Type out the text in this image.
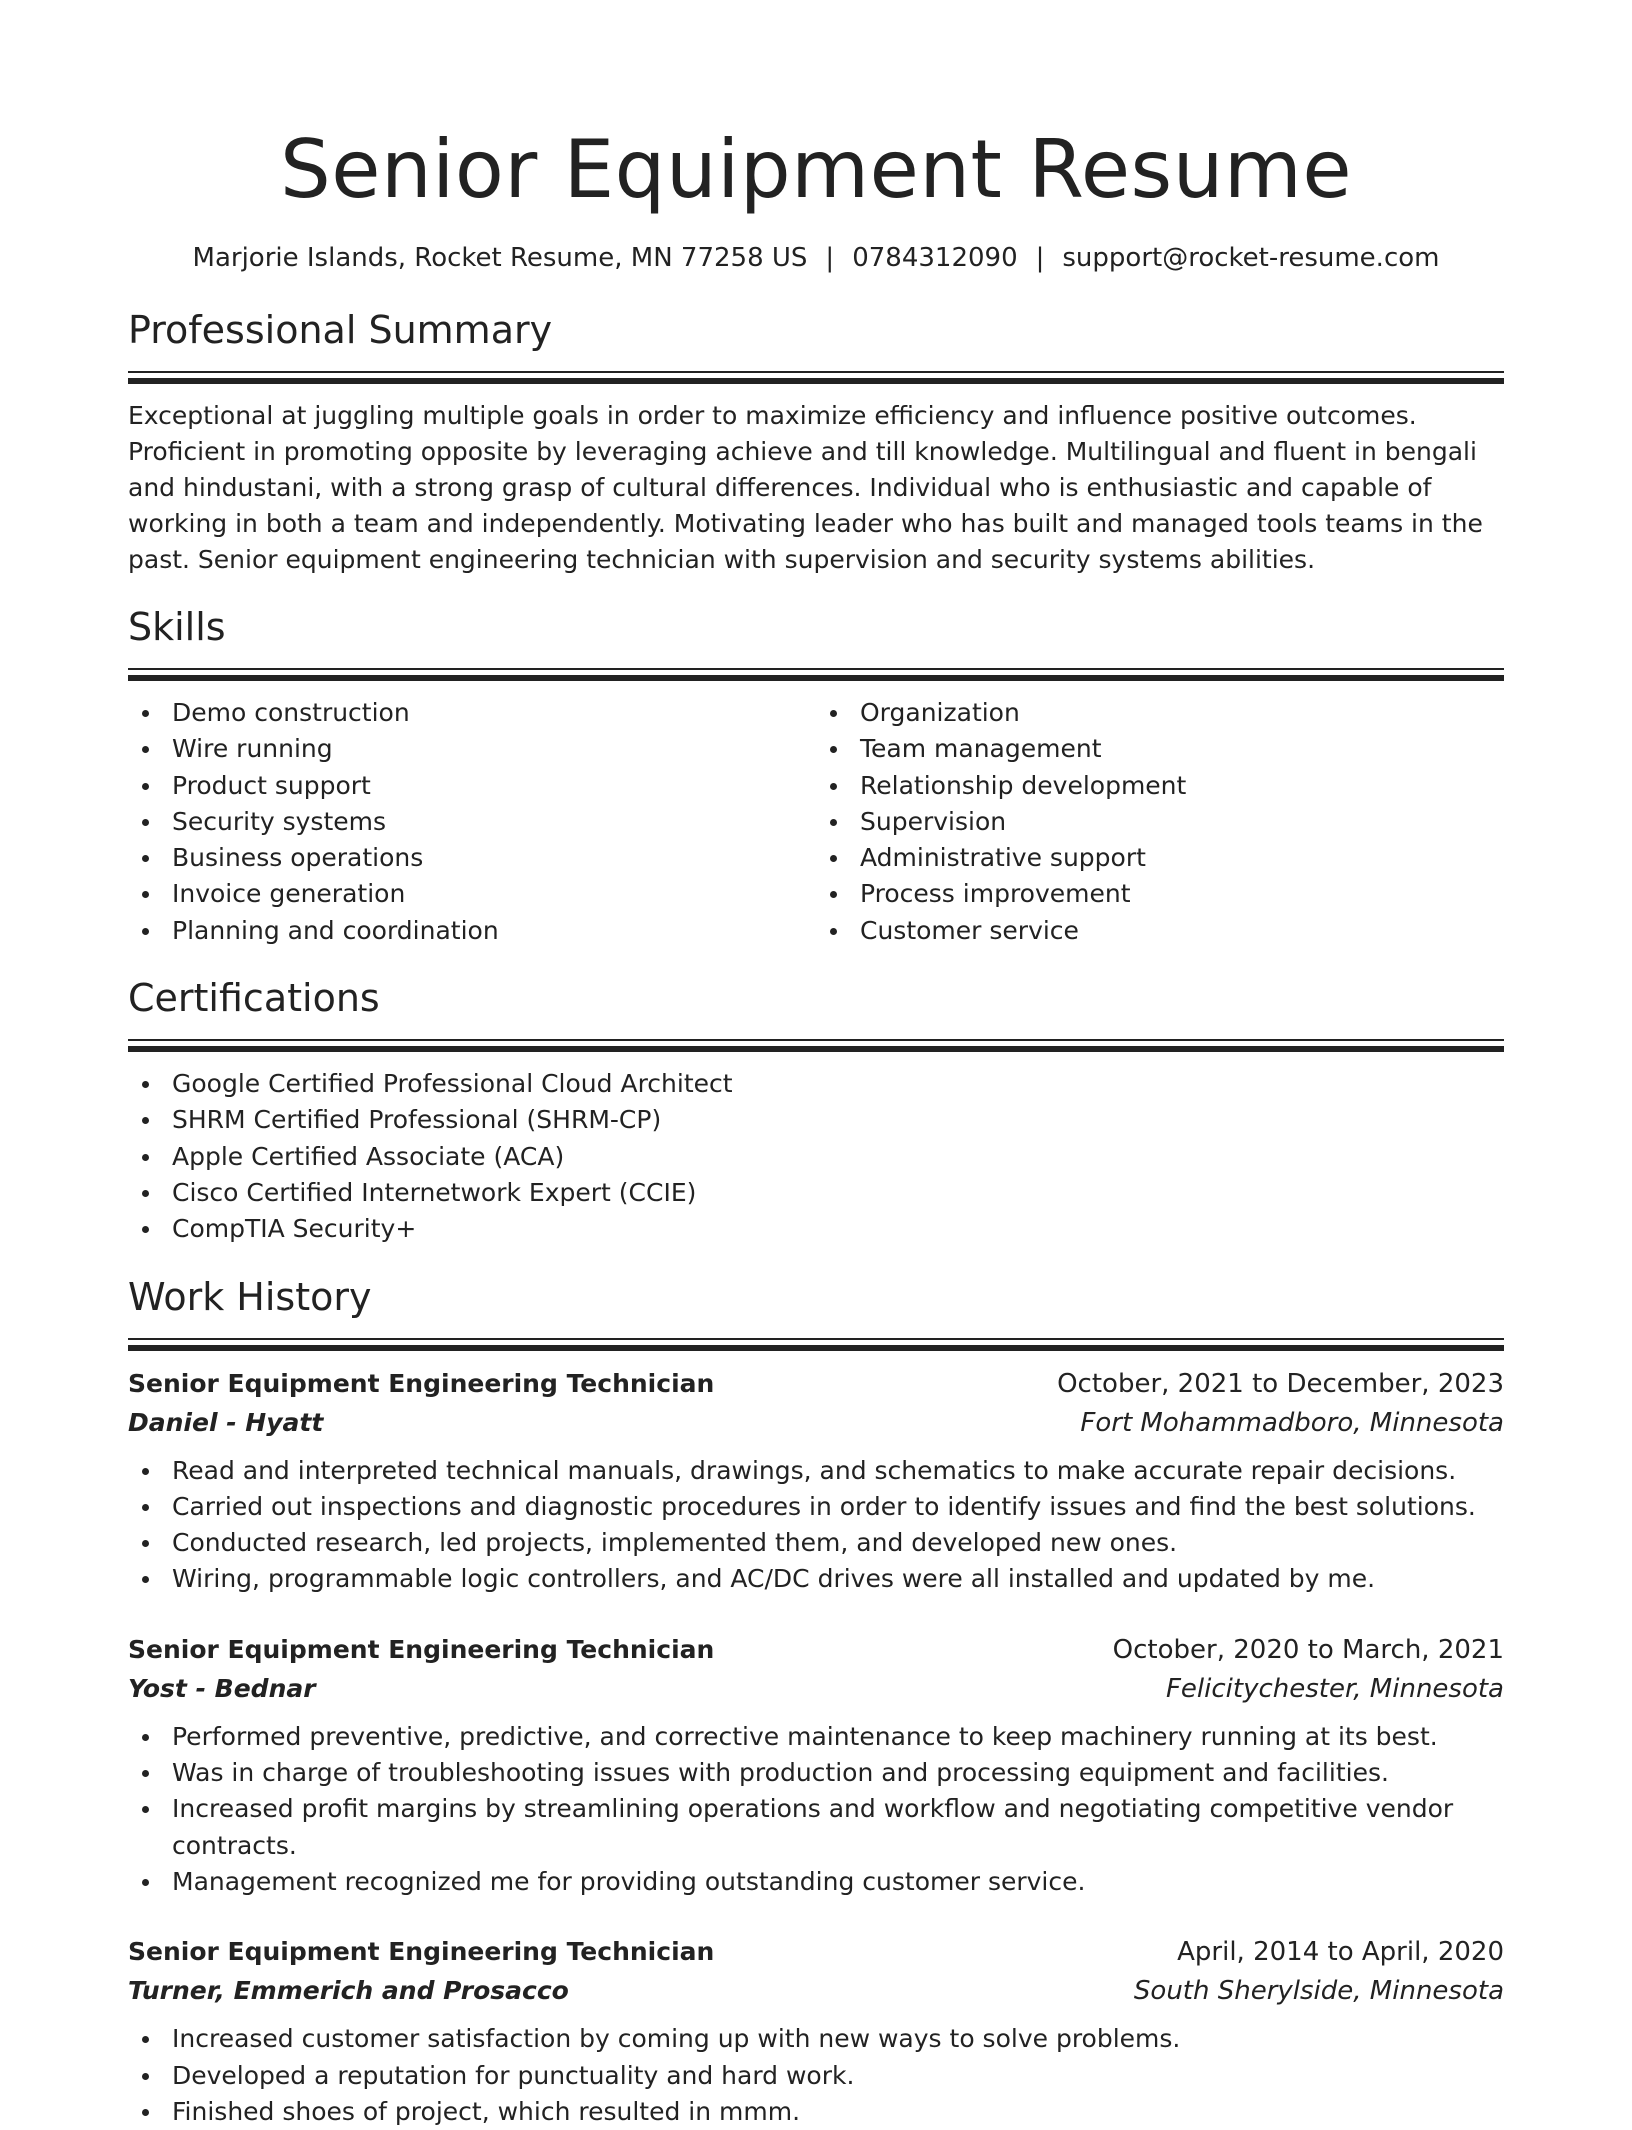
Senior Equipment Resume
Marjorie Islands, Rocket Resume, MN 77258 US | 0784312090 | support@rocket-resume.com
Professional Summary
Exceptional at juggling multiple goals in order to maximize efficiency and influence positive outcomes. Proficient in promoting opposite by leveraging achieve and till knowledge. Multilingual and fluent in bengali and hindustani, with a strong grasp of cultural differences. Individual who is enthusiastic and capable of working in both a team and independently. Motivating leader who has built and managed tools teams in the past. Senior equipment engineering technician with supervision and security systems abilities.
Skills
Demo construction
Wire running
Product support
Security systems
Business operations
Invoice generation
Planning and coordination
Organization
Team management
Relationship development
Supervision
Administrative support
Process improvement
Customer service
Certifications
Google Certified Professional Cloud Architect
SHRM Certified Professional (SHRM-CP)
Apple Certified Associate (ACA)
Cisco Certified Internetwork Expert (CCIE)
CompTIA Security+
Work History
Senior Equipment Engineering Technician	October, 2021 to December, 2023
Daniel - Hyatt	Fort Mohammadboro, Minnesota
Read and interpreted technical manuals, drawings, and schematics to make accurate repair decisions.
Carried out inspections and diagnostic procedures in order to identify issues and find the best solutions.
Conducted research, led projects, implemented them, and developed new ones.
Wiring, programmable logic controllers, and AC/DC drives were all installed and updated by me.
Senior Equipment Engineering Technician	October, 2020 to March, 2021
Yost - Bednar	Felicitychester, Minnesota
Performed preventive, predictive, and corrective maintenance to keep machinery running at its best.
Was in charge of troubleshooting issues with production and processing equipment and facilities.
Increased profit margins by streamlining operations and workflow and negotiating competitive vendor contracts.
Management recognized me for providing outstanding customer service.
Senior Equipment Engineering Technician	April, 2014 to April, 2020
Turner, Emmerich and Prosacco	South Sherylside, Minnesota
Increased customer satisfaction by coming up with new ways to solve problems.
Developed a reputation for punctuality and hard work.
Finished shoes of project, which resulted in mmm.
